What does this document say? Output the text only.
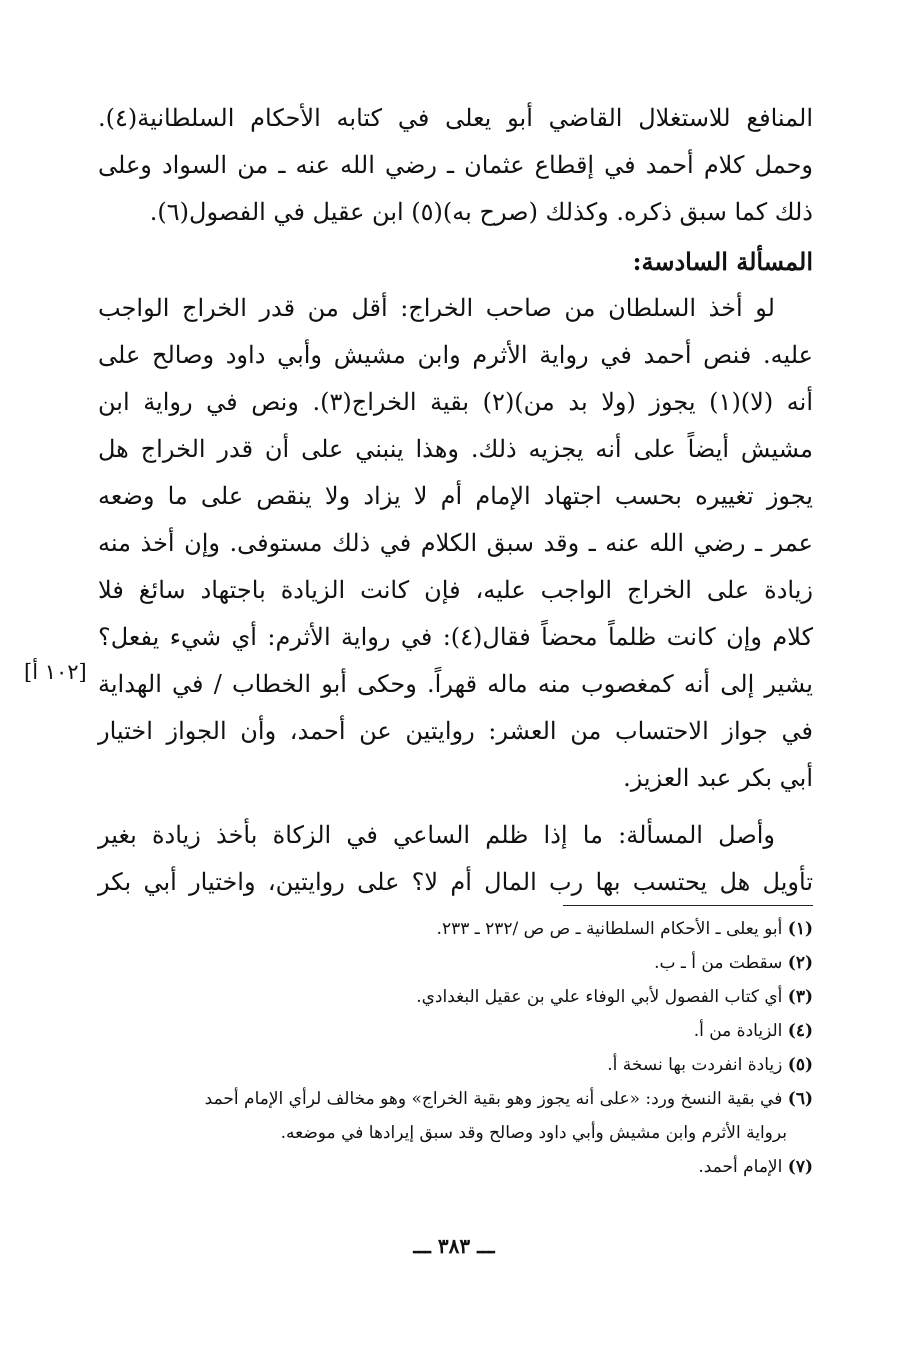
المنافع للاستغلال القاضي أبو يعلى في كتابه الأحكام السلطانية(٤).
وحمل كلام أحمد في إقطاع عثمان ـ رضي الله عنه ـ من السواد وعلى
ذلك كما سبق ذكره. وكذلك (صرح به)(٥) ابن عقيل في الفصول(٦).
المسألة السادسة:
لو أخذ السلطان من صاحب الخراج: أقل من قدر الخراج الواجب
عليه. فنص أحمد في رواية الأثرم وابن مشيش وأبي داود وصالح على
أنه (لا)(١) يجوز (ولا بد من)(٢) بقية الخراج(٣). ونص في رواية ابن
مشيش أيضاً على أنه يجزيه ذلك. وهذا ينبني على أن قدر الخراج هل
يجوز تغييره بحسب اجتهاد الإمام أم لا يزاد ولا ينقص على ما وضعه
عمر ـ رضي الله عنه ـ وقد سبق الكلام في ذلك مستوفى. وإن أخذ منه
زيادة على الخراج الواجب عليه، فإن كانت الزيادة باجتهاد سائغ فلا
كلام وإن كانت ظلماً محضاً فقال(٤): في رواية الأثرم: أي شيء يفعل؟
يشير إلى أنه كمغصوب منه ماله قهراً. وحكى أبو الخطاب / في الهداية
في جواز الاحتساب من العشر: روايتين عن أحمد، وأن الجواز اختيار
أبي بكر عبد العزيز.
وأصل المسألة: ما إذا ظلم الساعي في الزكاة بأخذ زيادة بغير
تأويل هل يحتسب بها رب المال أم لا؟ على روايتين، واختيار أبي بكر
[١٠٢ أ]
(١) أبو يعلى ـ الأحكام السلطانية ـ ص ص /٢٣٢ ـ ٢٣٣.
(٢) سقطت من أ ـ ب.
(٣) أي كتاب الفصول لأبي الوفاء علي بن عقيل البغدادي.
(٤) الزيادة من أ.
(٥) زيادة انفردت بها نسخة أ.
(٦) في بقية النسخ ورد: «على أنه يجوز وهو بقية الخراج» وهو مخالف لرأي الإمام أحمد
برواية الأثرم وابن مشيش وأبي داود وصالح وقد سبق إيرادها في موضعه.
(٧) الإمام أحمد.
ـــ ٣٨٣ ـــ
